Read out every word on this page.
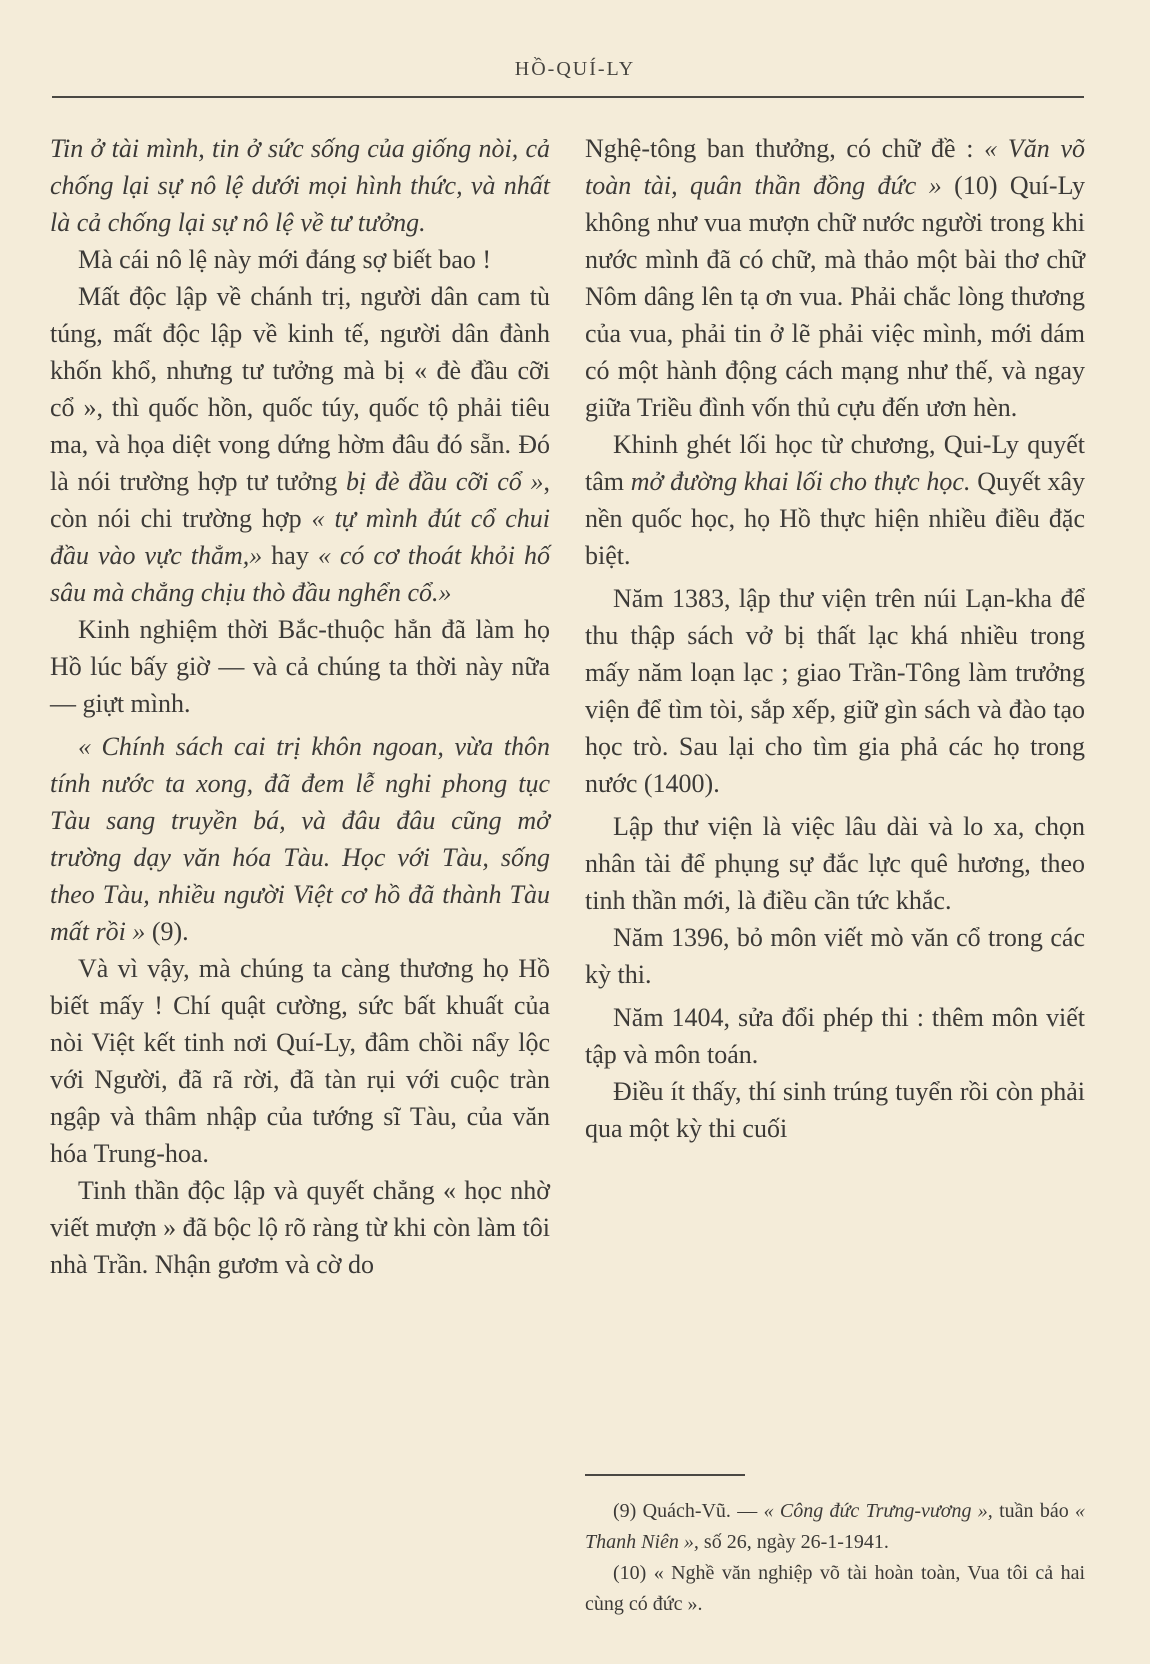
HỒ-QUÍ-LY

Tin ở tài mình, tin ở sức sống của giống nòi, cả chống lại sự nô lệ dưới mọi hình thức, và nhất là cả chống lại sự nô lệ về tư tưởng.

Mà cái nô lệ này mới đáng sợ biết bao !

Mất độc lập về chánh trị, người dân cam tù túng, mất độc lập về kinh tế, người dân đành khốn khổ, nhưng tư tưởng mà bị « đè đầu cỡi cổ », thì quốc hồn, quốc túy, quốc tộ phải tiêu ma, và họa diệt vong dứng hờm đâu đó sẵn. Đó là nói trường hợp tư tưởng bị đè đầu cỡi cổ », còn nói chi trường hợp « tự mình đút cổ chui đầu vào vực thẳm,» hay « có cơ thoát khỏi hố sâu mà chẳng chịu thò đầu nghển cổ.»

Kinh nghiệm thời Bắc-thuộc hẳn đã làm họ Hồ lúc bấy giờ — và cả chúng ta thời này nữa — giựt mình.

« Chính sách cai trị khôn ngoan, vừa thôn tính nước ta xong, đã đem lễ nghi phong tục Tàu sang truyền bá, và đâu đâu cũng mở trường dạy văn hóa Tàu. Học với Tàu, sống theo Tàu, nhiều người Việt cơ hồ đã thành Tàu mất rồi » (9).

Và vì vậy, mà chúng ta càng thương họ Hồ biết mấy ! Chí quật cường, sức bất khuất của nòi Việt kết tinh nơi Quí-Ly, đâm chồi nẩy lộc với Người, đã rã rời, đã tàn rụi với cuộc tràn ngập và thâm nhập của tướng sĩ Tàu, của văn hóa Trung-hoa.

Tinh thần độc lập và quyết chẳng « học nhờ viết mượn » đã bộc lộ rõ ràng từ khi còn làm tôi nhà Trần. Nhận gươm và cờ do

Nghệ-tông ban thưởng, có chữ đề : « Văn võ toàn tài, quân thần đồng đức » (10) Quí-Ly không như vua mượn chữ nước người trong khi nước mình đã có chữ, mà thảo một bài thơ chữ Nôm dâng lên tạ ơn vua. Phải chắc lòng thương của vua, phải tin ở lẽ phải việc mình, mới dám có một hành động cách mạng như thế, và ngay giữa Triều đình vốn thủ cựu đến ươn hèn.

Khinh ghét lối học từ chương, Qui-Ly quyết tâm mở đường khai lối cho thực học. Quyết xây nền quốc học, họ Hồ thực hiện nhiều điều đặc biệt.

Năm 1383, lập thư viện trên núi Lạn-kha để thu thập sách vở bị thất lạc khá nhiều trong mấy năm loạn lạc ; giao Trần-Tông làm trưởng viện để tìm tòi, sắp xếp, giữ gìn sách và đào tạo học trò. Sau lại cho tìm gia phả các họ trong nước (1400).

Lập thư viện là việc lâu dài và lo xa, chọn nhân tài để phụng sự đắc lực quê hương, theo tinh thần mới, là điều cần tức khắc.

Năm 1396, bỏ môn viết mò văn cổ trong các kỳ thi.

Năm 1404, sửa đổi phép thi : thêm môn viết tập và môn toán.

Điều ít thấy, thí sinh trúng tuyển rồi còn phải qua một kỳ thi cuối

(9) Quách-Vũ. — « Công đức Trưng-vương », tuần báo « Thanh Niên », số 26, ngày 26-1-1941.

(10) « Nghề văn nghiệp võ tài hoàn toàn, Vua tôi cả hai cùng có đức ».
